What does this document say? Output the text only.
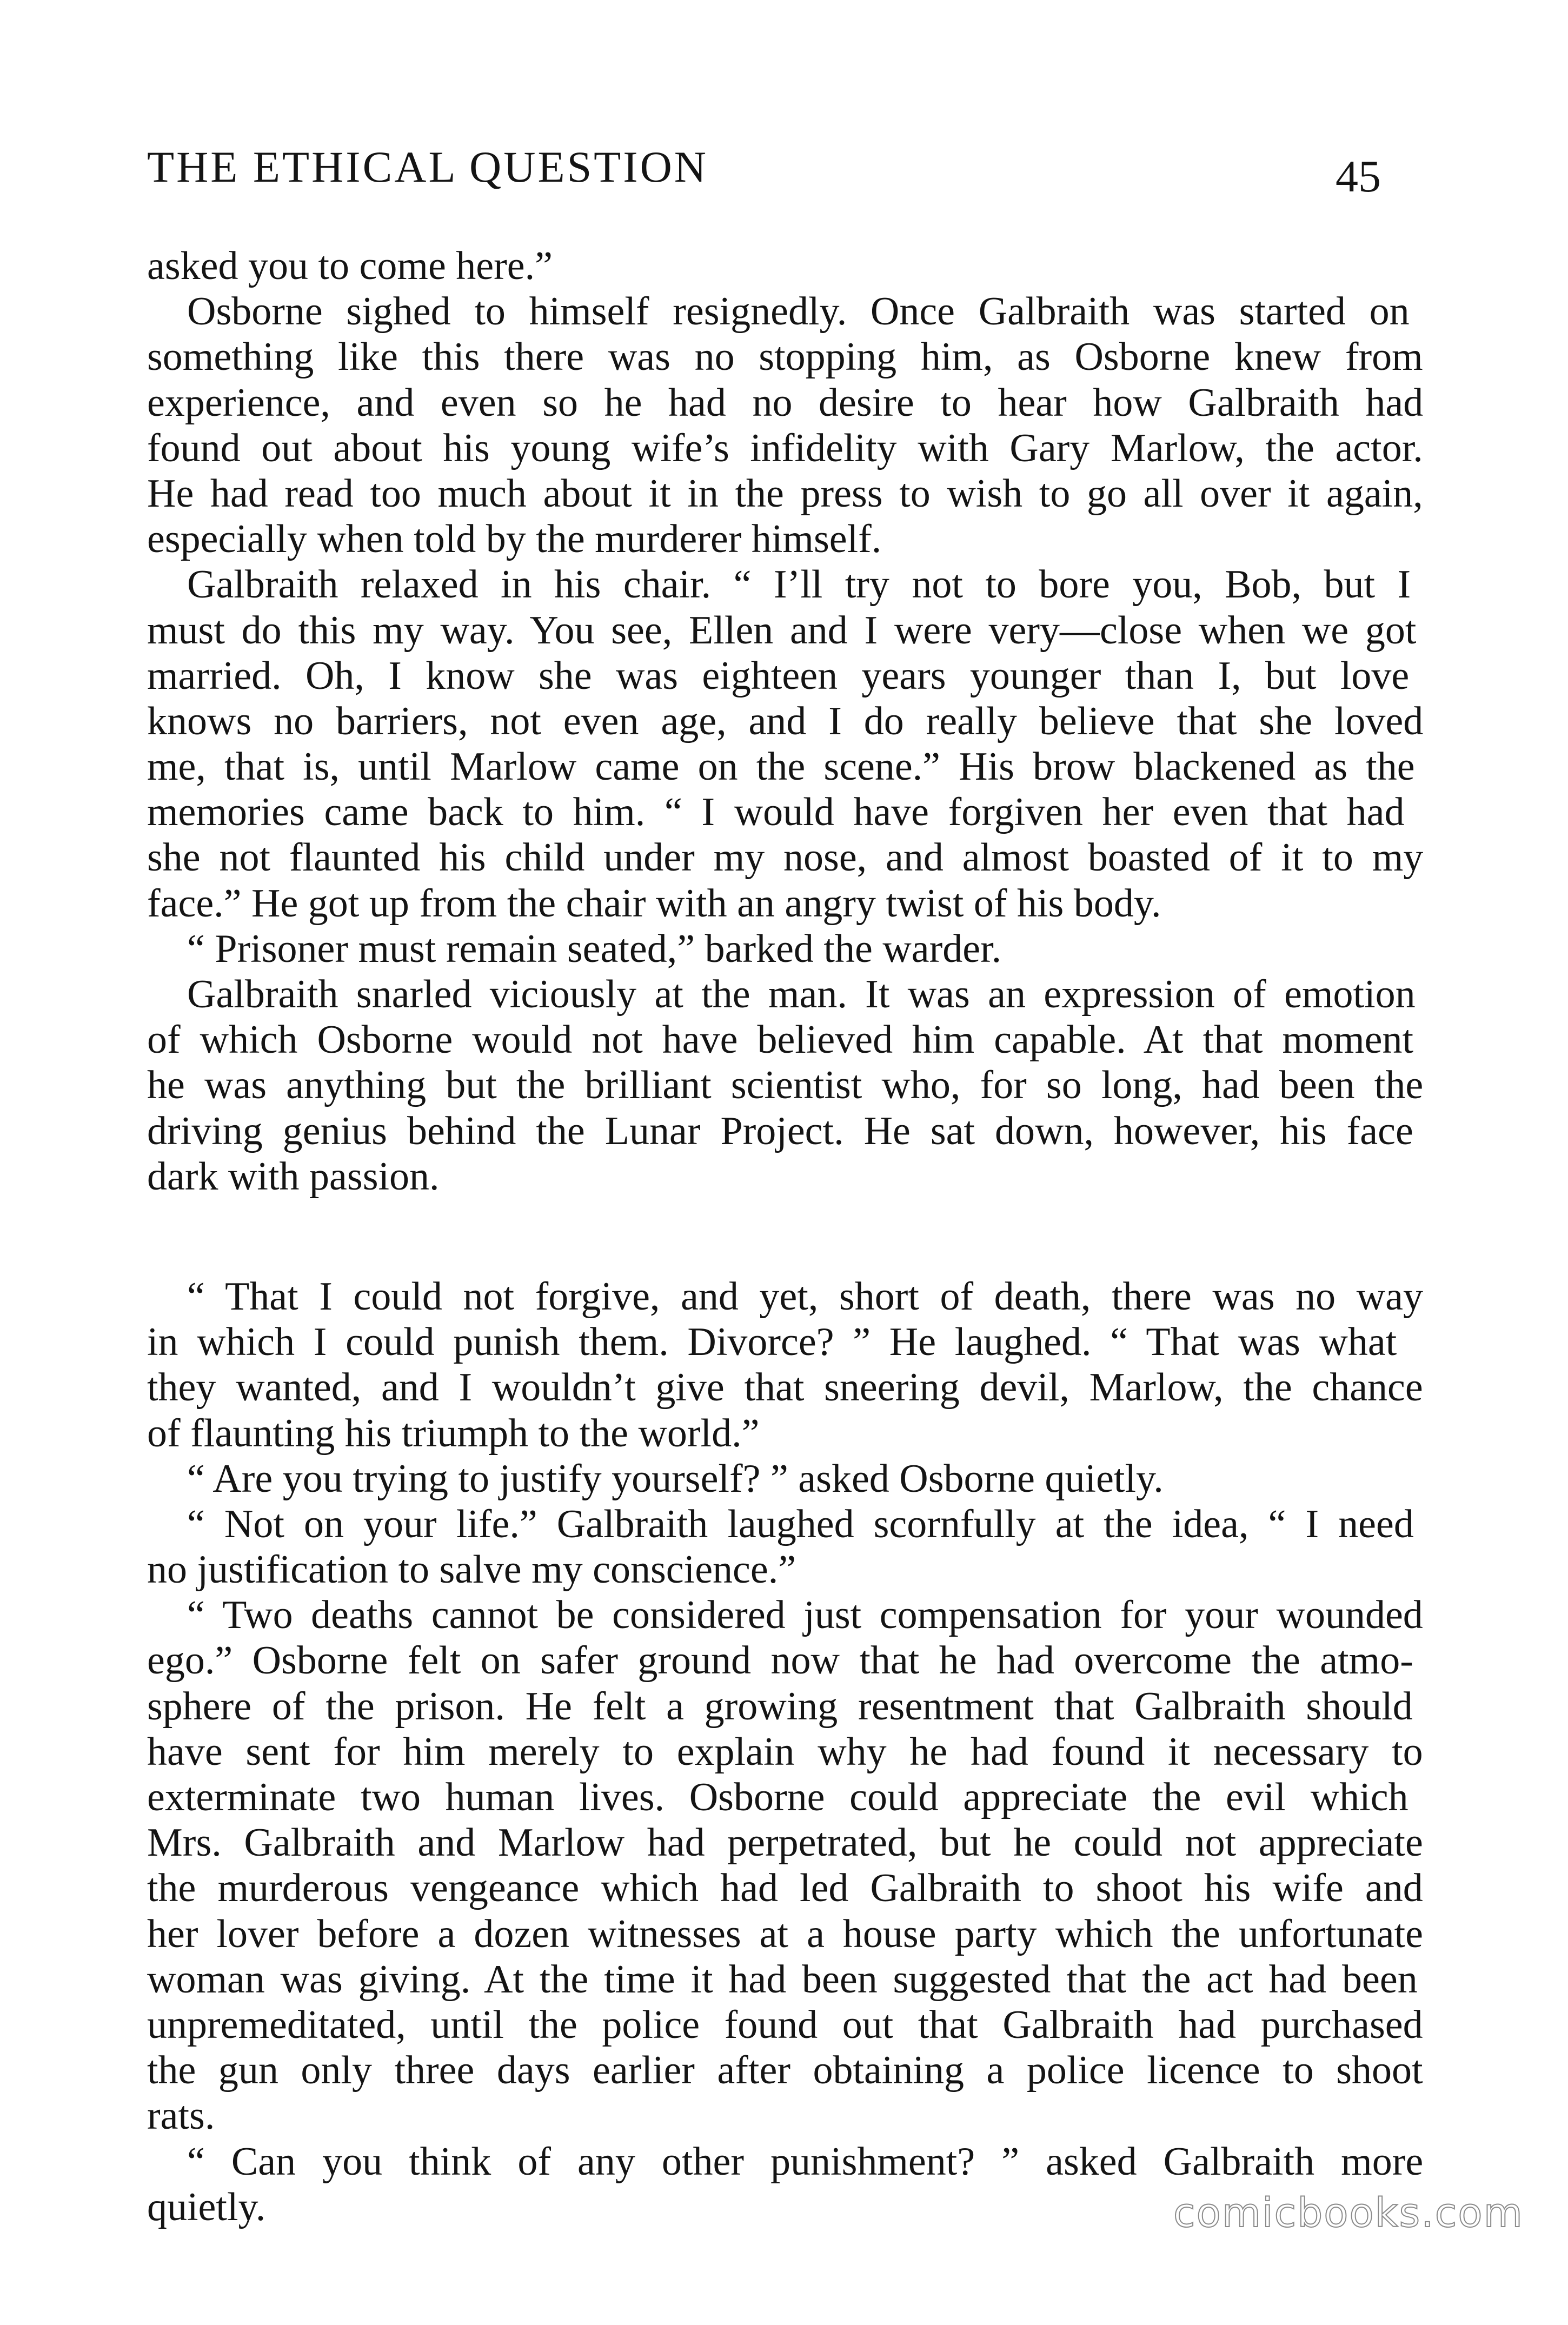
THE ETHICAL QUESTION	45
asked you to come here.”
 Osborne sighed to himself resignedly. Once Galbraith was started on
something like this there was no stopping him, as Osborne knew from
experience, and even so he had no desire to hear how Galbraith had
found out about his young wife’s infidelity with Gary Marlow, the actor.
He had read too much about it in the press to wish to go all over it again,
especially when told by the murderer himself.
 Galbraith relaxed in his chair. “ I’ll try not to bore you, Bob, but I
must do this my way. You see, Ellen and I were very—close when we got
married. Oh, I know she was eighteen years younger than I, but love
knows no barriers, not even age, and I do really believe that she loved
me, that is, until Marlow came on the scene.” His brow blackened as the
memories came back to him. “ I would have forgiven her even that had
she not flaunted his child under my nose, and almost boasted of it to my
face.” He got up from the chair with an angry twist of his body.
 “ Prisoner must remain seated,” barked the warder.
 Galbraith snarled viciously at the man. It was an expression of emotion
of which Osborne would not have believed him capable. At that moment
he was anything but the brilliant scientist who, for so long, had been the
driving genius behind the Lunar Project. He sat down, however, his face
dark with passion.
 “ That I could not forgive, and yet, short of death, there was no way
in which I could punish them. Divorce? ” He laughed. “ That was what
they wanted, and I wouldn’t give that sneering devil, Marlow, the chance
of flaunting his triumph to the world.”
 “ Are you trying to justify yourself? ” asked Osborne quietly.
 “ Not on your life.” Galbraith laughed scornfully at the idea, “ I need
no justification to salve my conscience.”
 “ Two deaths cannot be considered just compensation for your wounded
ego.” Osborne felt on safer ground now that he had overcome the atmo-
sphere of the prison. He felt a growing resentment that Galbraith should
have sent for him merely to explain why he had found it necessary to
exterminate two human lives. Osborne could appreciate the evil which
Mrs. Galbraith and Marlow had perpetrated, but he could not appreciate
the murderous vengeance which had led Galbraith to shoot his wife and
her lover before a dozen witnesses at a house party which the unfortunate
woman was giving. At the time it had been suggested that the act had been
unpremeditated, until the police found out that Galbraith had purchased
the gun only three days earlier after obtaining a police licence to shoot
rats.
 “ Can you think of any other punishment? ” asked Galbraith more
quietly.	comicbooks.com
